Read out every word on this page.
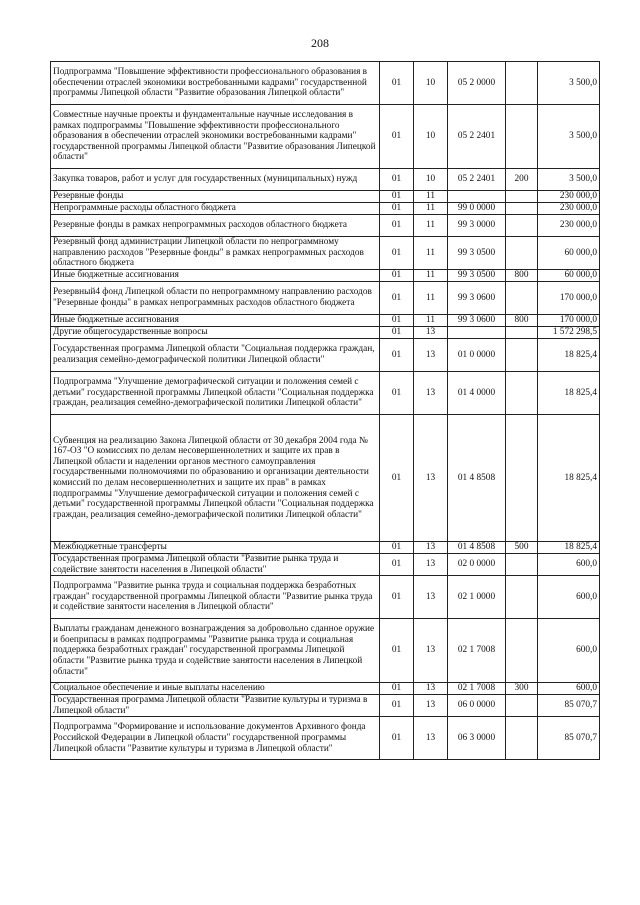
208
Подпрограмма "Повышение эффективности профессионального образования в обеспечении отраслей экономики востребованными кадрами" государственной программы Липецкой области "Развитие образования Липецкой области"	01	10	05 2 0000		3 500,0
Совместные научные проекты и фундаментальные научные исследования в рамках подпрограммы "Повышение эффективности профессионального образования в обеспечении отраслей экономики востребованными кадрами" государственной программы Липецкой области "Развитие образования Липецкой области"	01	10	05 2 2401		3 500,0
Закупка товаров, работ и услуг для государственных (муниципальных) нужд	01	10	05 2 2401	200	3 500,0
Резервные фонды	01	11			230 000,0
Непрограммные расходы областного бюджета	01	11	99 0 0000		230 000,0
Резервные фонды в рамках непрограммных расходов областного бюджета	01	11	99 3 0000		230 000,0
Резервный фонд администрации Липецкой области по непрограммному направлению расходов "Резервные фонды" в рамках непрограммных расходов областного бюджета	01	11	99 3 0500		60 000,0
Иные бюджетные ассигнования	01	11	99 3 0500	800	60 000,0
Резервный4 фонд Липецкой области по непрограммному направлению расходов "Резервные фонды" в рамках непрограммных расходов областного бюджета	01	11	99 3 0600		170 000,0
Иные бюджетные ассигнования	01	11	99 3 0600	800	170 000,0
Другие общегосударственные вопросы	01	13			1 572 298,5
Государственная программа Липецкой области "Социальная поддержка граждан, реализация семейно-демографической политики Липецкой области"	01	13	01 0 0000		18 825,4
Подпрограмма "Улучшение демографической ситуации и положения семей с детьми" государственной программы Липецкой области "Социальная поддержка граждан, реализация семейно-демографической политики Липецкой области"	01	13	01 4 0000		18 825,4
Субвенция на реализацию Закона Липецкой области от 30 декабря 2004 года № 167-ОЗ "О комиссиях по делам несовершеннолетних и защите их прав в Липецкой области и наделении органов местного самоуправления государственными полномочиями по образованию и организации деятельности комиссий по делам несовершеннолетних и защите их прав" в рамках подпрограммы "Улучшение демографической ситуации и положения семей с детьми" государственной программы Липецкой области "Социальная поддержка граждан, реализация семейно-демографической политики Липецкой области"	01	13	01 4 8508		18 825,4
Межбюджетные трансферты	01	13	01 4 8508	500	18 825,4
Государственная программа Липецкой области "Развитие рынка труда и содействие занятости населения в Липецкой области"	01	13	02 0 0000		600,0
Подпрограмма "Развитие рынка труда и социальная поддержка безработных граждан" государственной программы Липецкой области "Развитие рынка труда и содействие занятости населения в Липецкой области"	01	13	02 1 0000		600,0
Выплаты гражданам денежного вознаграждения за добровольно сданное оружие и боеприпасы в рамках подпрограммы "Развитие рынка труда и социальная поддержка безработных граждан" государственной программы Липецкой области "Развитие рынка труда и содействие занятости населения в Липецкой области"	01	13	02 1 7008		600,0
Социальное обеспечение и иные выплаты населению	01	13	02 1 7008	300	600,0
Государственная программа Липецкой области "Развитие культуры и туризма в Липецкой области"	01	13	06 0 0000		85 070,7
Подпрограмма "Формирование и использование документов Архивного фонда Российской Федерации в Липецкой области" государственной программы Липецкой области "Развитие культуры и туризма в Липецкой области"	01	13	06 3 0000		85 070,7
